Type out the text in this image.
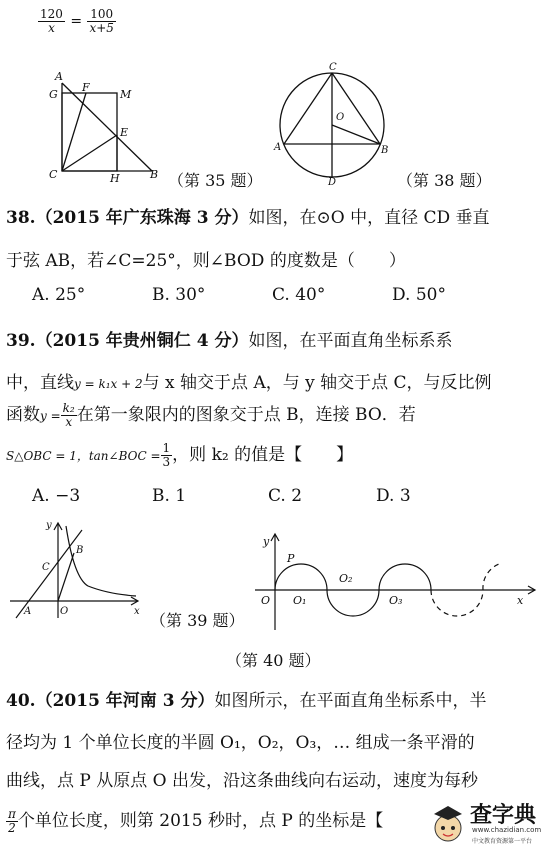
$\frac{120}{x} = \frac{100}{x+5}$
A
G
F
M
E
C	H	B （第 35 题）
C
O
A	B
D	（第 38 题）
38.（2015 年广东珠海 3 分）如图，在⊙O 中，直径 CD 垂直
于弦 AB，若∠C=25°，则∠BOD 的度数是（　　）
A. 25°	B. 30°	C. 40°	D. 50°
39.（2015 年贵州铜仁 4 分）如图，在平面直角坐标系系
中，直线y = k₁x + 2与 x 轴交于点 A，与 y 轴交于点 C，与反比例
函数$y = \frac{\text{k₂}}{x}$ 在第一象限内的图象交于点 B，连接 BO．若
S△OBC = 1，tan∠BOC = $\frac{1}{3}$ ，则 k₂ 的值是【　　】
A. −3	B. 1	C. 2	D. 3
y
x
C
B
A	O	（第 39 题）
y
P
O O₁
O₂
O₃	x
（第 40 题）
40.（2015 年河南 3 分）如图所示，在平面直角坐标系中，半
径均为 1 个单位长度的半圆 O₁，O₂，O₃，… 组成一条平滑的
曲线，点 P 从原点 O 出发，沿这条曲线向右运动，速度为每秒
$\frac{\pi}{2}$ 个单位长度，则第 2015 秒时，点 P 的坐标是【	查字典
www.chazidian.com
中文教育资源第一平台
